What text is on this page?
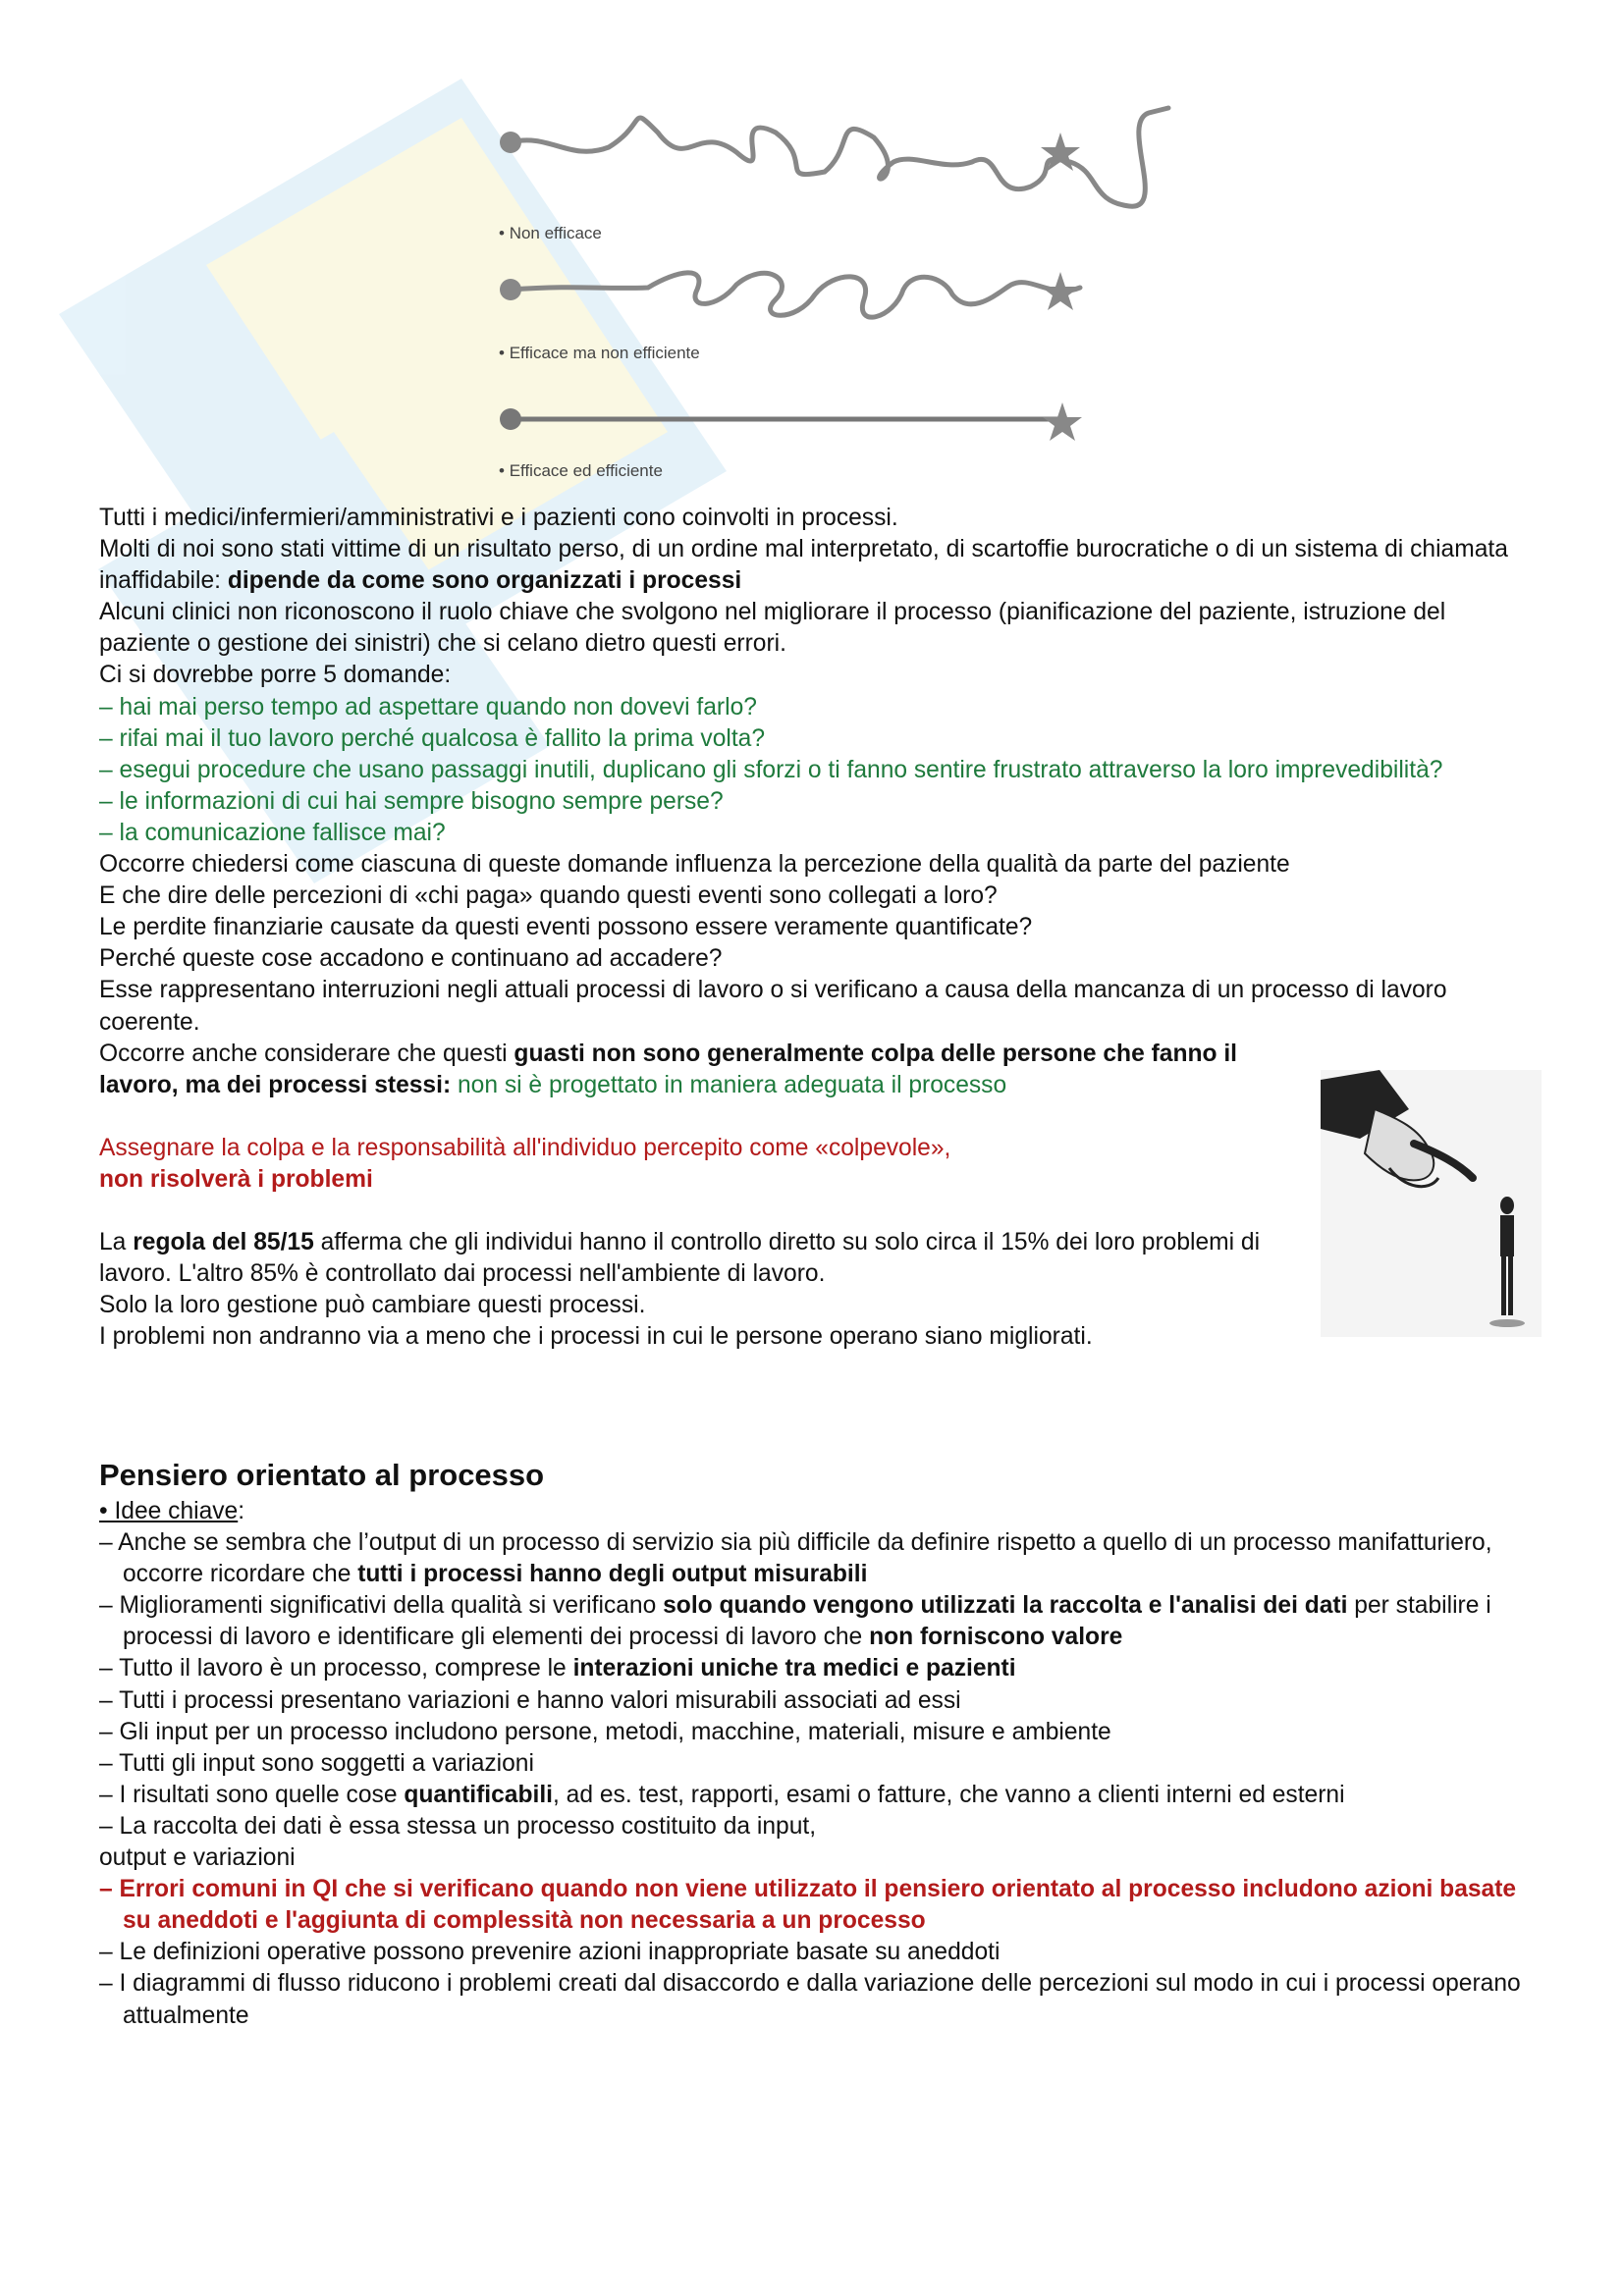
• Non efficace
• Efficace ma non efficiente
• Efficace ed efficiente

Tutti i medici/infermieri/amministrativi e i pazienti cono coinvolti in processi.

Molti di noi sono stati vittime di un risultato perso, di un ordine mal interpretato, di scartoffie burocratiche o di un sistema di chiamata inaffidabile: dipende da come sono organizzati i processi

Alcuni clinici non riconoscono il ruolo chiave che svolgono nel migliorare il processo (pianificazione del paziente, istruzione del paziente o gestione dei sinistri) che si celano dietro questi errori.

Ci si dovrebbe porre 5 domande:

– hai mai perso tempo ad aspettare quando non dovevi farlo?

– rifai mai il tuo lavoro perché qualcosa è fallito la prima volta?

– esegui procedure che usano passaggi inutili, duplicano gli sforzi o ti fanno sentire frustrato attraverso la loro imprevedibilità?

– le informazioni di cui hai sempre bisogno sempre perse?

– la comunicazione fallisce mai?

Occorre chiedersi come ciascuna di queste domande influenza la percezione della qualità da parte del paziente

E che dire delle percezioni di «chi paga» quando questi eventi sono collegati a loro?

Le perdite finanziarie causate da questi eventi possono essere veramente quantificate?

Perché queste cose accadono e continuano ad accadere?

Esse rappresentano interruzioni negli attuali processi di lavoro o si verificano a causa della mancanza di un processo di lavoro coerente.

Occorre anche considerare che questi guasti non sono generalmente colpa delle persone che fanno il lavoro, ma dei processi stessi: non si è progettato in maniera adeguata il processo

Assegnare la colpa e la responsabilità all'individuo percepito come «colpevole»,

non risolverà i problemi

La regola del 85/15 afferma che gli individui hanno il controllo diretto su solo circa il 15% dei loro problemi di lavoro. L'altro 85% è controllato dai processi nell'ambiente di lavoro.

Solo la loro gestione può cambiare questi processi.

I problemi non andranno via a meno che i processi in cui le persone operano siano migliorati.

Pensiero orientato al processo

• Idee chiave:

– Anche se sembra che l’output di un processo di servizio sia più difficile da definire rispetto a quello di un processo manifatturiero, occorre ricordare che tutti i processi hanno degli output misurabili

– Miglioramenti significativi della qualità si verificano solo quando vengono utilizzati la raccolta e l'analisi dei dati per stabilire i processi di lavoro e identificare gli elementi dei processi di lavoro che non forniscono valore

– Tutto il lavoro è un processo, comprese le interazioni uniche tra medici e pazienti

– Tutti i processi presentano variazioni e hanno valori misurabili associati ad essi

– Gli input per un processo includono persone, metodi, macchine, materiali, misure e ambiente

– Tutti gli input sono soggetti a variazioni

– I risultati sono quelle cose quantificabili, ad es. test, rapporti, esami o fatture, che vanno a clienti interni ed esterni

– La raccolta dei dati è essa stessa un processo costituito da input,

output e variazioni

– Errori comuni in QI che si verificano quando non viene utilizzato il pensiero orientato al processo includono azioni basate su aneddoti e l'aggiunta di complessità non necessaria a un processo

– Le definizioni operative possono prevenire azioni inappropriate basate su aneddoti

– I diagrammi di flusso riducono i problemi creati dal disaccordo e dalla variazione delle percezioni sul modo in cui i processi operano attualmente
